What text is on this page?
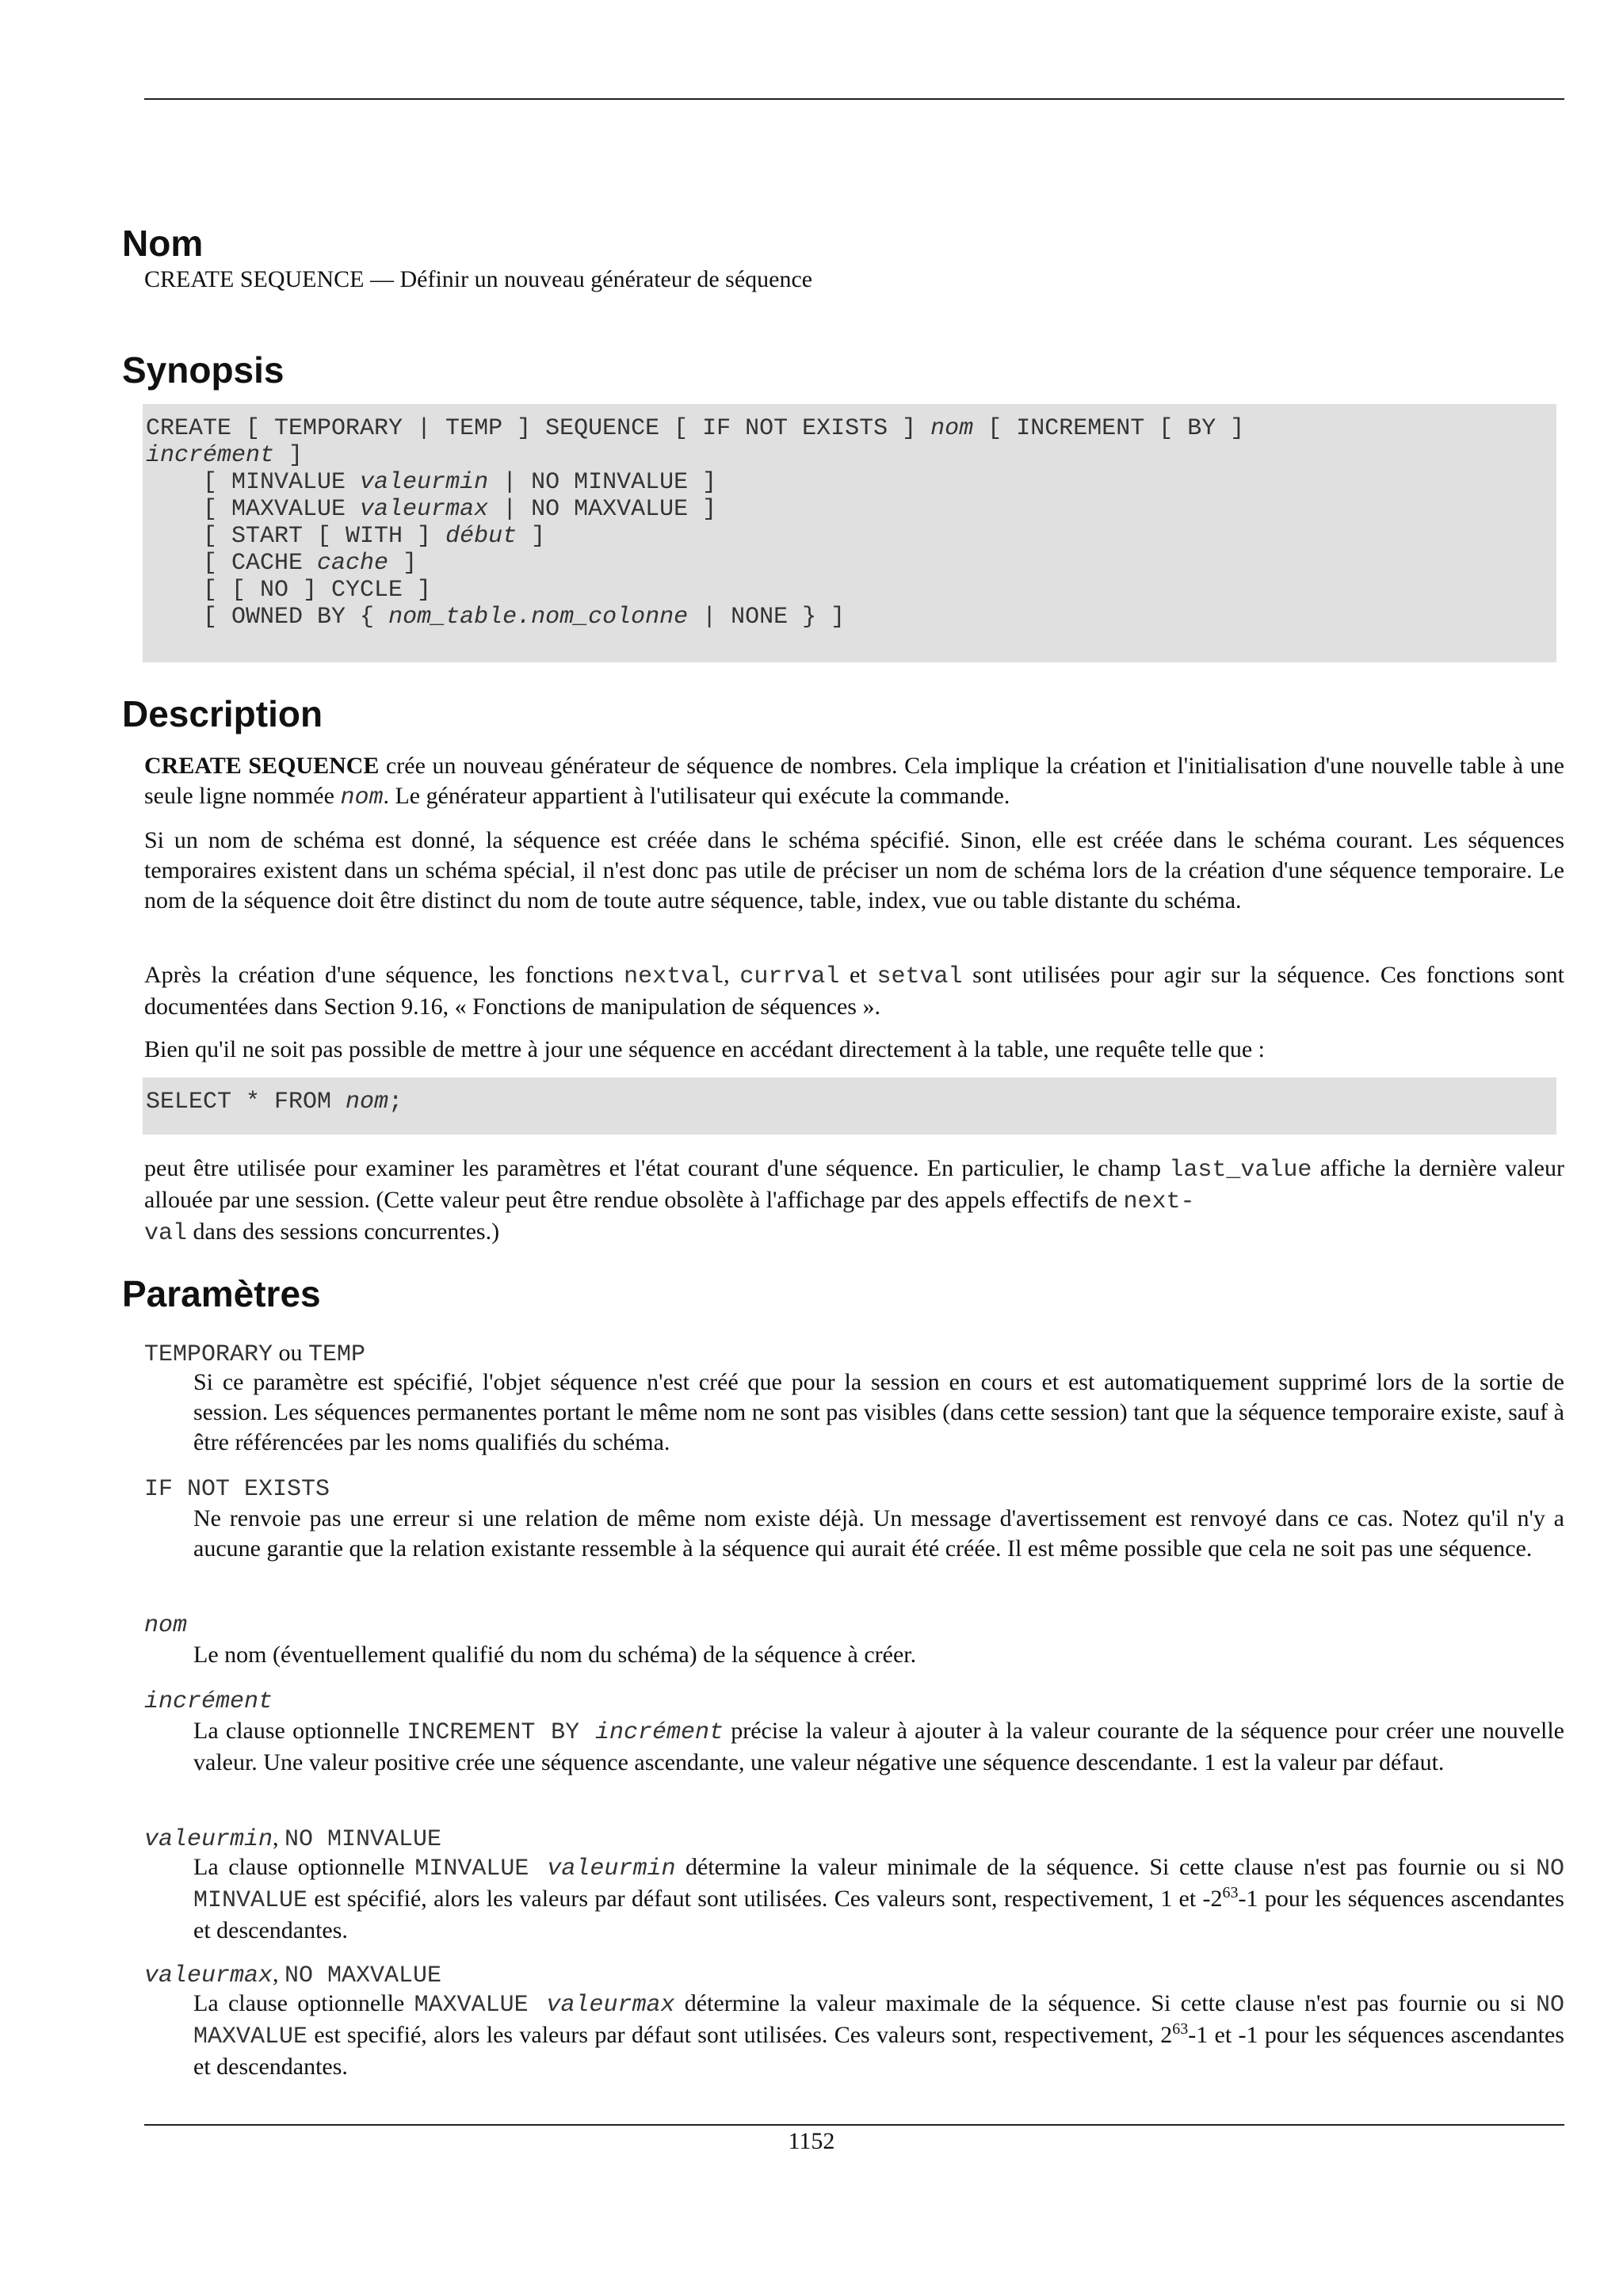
Nom
CREATE SEQUENCE — Définir un nouveau générateur de séquence
Synopsis
CREATE [ TEMPORARY | TEMP ] SEQUENCE [ IF NOT EXISTS ] nom [ INCREMENT [ BY ]
incrément ]
[ MINVALUE valeurmin | NO MINVALUE ]
[ MAXVALUE valeurmax | NO MAXVALUE ]
[ START [ WITH ] début ]
[ CACHE cache ]
[ [ NO ] CYCLE ]
[ OWNED BY { nom_table.nom_colonne | NONE } ]
Description
CREATE SEQUENCE crée un nouveau générateur de séquence de nombres. Cela implique la création et l'initialisation d'une nouvelle table à une seule ligne nommée nom. Le générateur appartient à l'utilisateur qui exécute la commande.
Si un nom de schéma est donné, la séquence est créée dans le schéma spécifié. Sinon, elle est créée dans le schéma courant. Les séquences temporaires existent dans un schéma spécial, il n'est donc pas utile de préciser un nom de schéma lors de la création d'une séquence temporaire. Le nom de la séquence doit être distinct du nom de toute autre séquence, table, index, vue ou table distante du schéma.
Après la création d'une séquence, les fonctions nextval, currval et setval sont utilisées pour agir sur la séquence. Ces fonctions sont documentées dans Section 9.16, « Fonctions de manipulation de séquences ».
Bien qu'il ne soit pas possible de mettre à jour une séquence en accédant directement à la table, une requête telle que :
SELECT * FROM nom;
peut être utilisée pour examiner les paramètres et l'état courant d'une séquence. En particulier, le champ last_value affiche la dernière valeur allouée par une session. (Cette valeur peut être rendue obsolète à l'affichage par des appels effectifs de next-
val dans des sessions concurrentes.)
Paramètres
TEMPORARY ou TEMP
Si ce paramètre est spécifié, l'objet séquence n'est créé que pour la session en cours et est automatiquement supprimé lors de la sortie de session. Les séquences permanentes portant le même nom ne sont pas visibles (dans cette session) tant que la séquence temporaire existe, sauf à être référencées par les noms qualifiés du schéma.
IF NOT EXISTS
Ne renvoie pas une erreur si une relation de même nom existe déjà. Un message d'avertissement est renvoyé dans ce cas. Notez qu'il n'y a aucune garantie que la relation existante ressemble à la séquence qui aurait été créée. Il est même possible que cela ne soit pas une séquence.
nom
Le nom (éventuellement qualifié du nom du schéma) de la séquence à créer.
incrément
La clause optionnelle INCREMENT BY incrément précise la valeur à ajouter à la valeur courante de la séquence pour créer une nouvelle valeur. Une valeur positive crée une séquence ascendante, une valeur négative une séquence descendante. 1 est la valeur par défaut.
valeurmin, NO MINVALUE
La clause optionnelle MINVALUE valeurmin détermine la valeur minimale de la séquence. Si cette clause n'est pas fournie ou si NO MINVALUE est spécifié, alors les valeurs par défaut sont utilisées. Ces valeurs sont, respectivement, 1 et $-2^{63}-1$ pour les séquences ascendantes et descendantes.
valeurmax, NO MAXVALUE
La clause optionnelle MAXVALUE valeurmax détermine la valeur maximale de la séquence. Si cette clause n'est pas fournie ou si NO MAXVALUE est specifié, alors les valeurs par défaut sont utilisées. Ces valeurs sont, respectivement, $2^{63}-1$ et -1 pour les séquences ascendantes et descendantes.
1152
